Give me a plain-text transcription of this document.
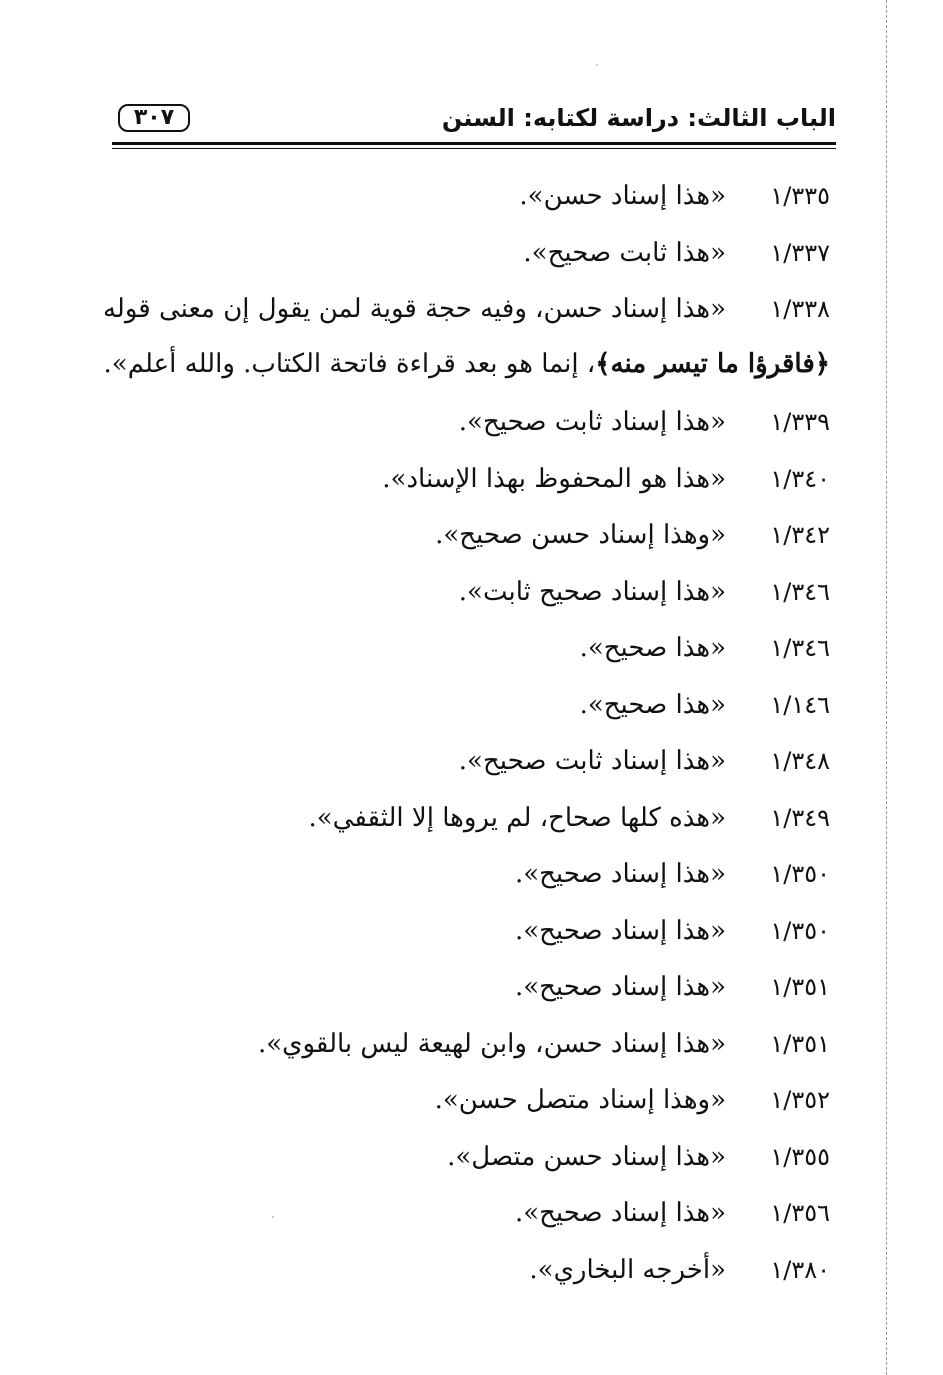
٣٠٧	الباب الثالث: دراسة لكتابه: السنن
١/٣٣٥«هذا إسناد حسن».
١/٣٣٧«هذا ثابت صحيح».
١/٣٣٨«هذا إسناد حسن، وفيه حجة قوية لمن يقول إن معنى قوله
﴿فاقرؤا ما تيسر منه﴾، إنما هو بعد قراءة فاتحة الكتاب. والله أعلم».
١/٣٣٩«هذا إسناد ثابت صحيح».
١/٣٤٠«هذا هو المحفوظ بهذا الإسناد».
١/٣٤٢«وهذا إسناد حسن صحيح».
١/٣٤٦«هذا إسناد صحيح ثابت».
١/٣٤٦«هذا صحيح».
١/١٤٦«هذا صحيح».
١/٣٤٨«هذا إسناد ثابت صحيح».
١/٣٤٩«هذه كلها صحاح، لم يروها إلا الثقفي».
١/٣٥٠«هذا إسناد صحيح».
١/٣٥٠«هذا إسناد صحيح».
١/٣٥١«هذا إسناد صحيح».
١/٣٥١«هذا إسناد حسن، وابن لهيعة ليس بالقوي».
١/٣٥٢«وهذا إسناد متصل حسن».
١/٣٥٥«هذا إسناد حسن متصل».
١/٣٥٦«هذا إسناد صحيح».
١/٣٨٠«أخرجه البخاري».
